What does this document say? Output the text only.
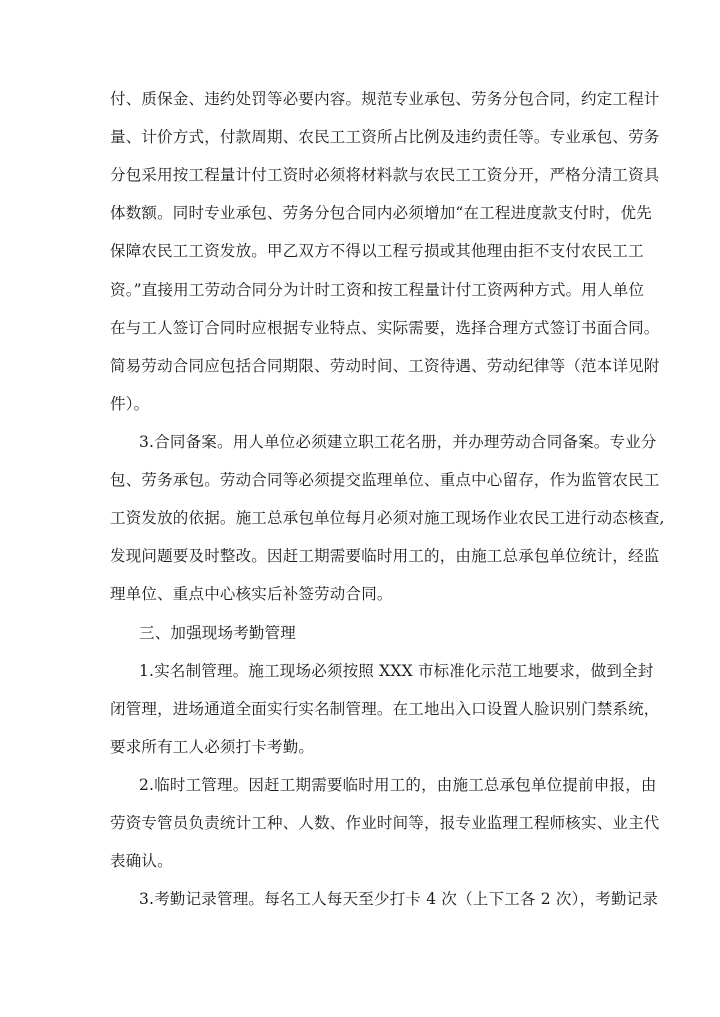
付、质保金、违约处罚等必要内容。规范专业承包、劳务分包合同，约定工程计
量、计价方式，付款周期、农民工工资所占比例及违约责任等。专业承包、劳务
分包采用按工程量计付工资时必须将材料款与农民工工资分开，严格分清工资具
体数额。同时专业承包、劳务分包合同内必须增加“在工程进度款支付时，优先
保障农民工工资发放。甲乙双方不得以工程亏损或其他理由拒不支付农民工工
资。”直接用工劳动合同分为计时工资和按工程量计付工资两种方式。用人单位
在与工人签订合同时应根据专业特点、实际需要，选择合理方式签订书面合同。
简易劳动合同应包括合同期限、劳动时间、工资待遇、劳动纪律等（范本详见附
件）。
3.合同备案。用人单位必须建立职工花名册，并办理劳动合同备案。专业分
包、劳务承包。劳动合同等必须提交监理单位、重点中心留存，作为监管农民工
工资发放的依据。施工总承包单位每月必须对施工现场作业农民工进行动态核查,
发现问题要及时整改。因赶工期需要临时用工的，由施工总承包单位统计，经监
理单位、重点中心核实后补签劳动合同。
三、加强现场考勤管理
1.实名制管理。施工现场必须按照 XXX 市标准化示范工地要求，做到全封
闭管理，进场通道全面实行实名制管理。在工地出入口设置人脸识别门禁系统，
要求所有工人必须打卡考勤。
2.临时工管理。因赶工期需要临时用工的，由施工总承包单位提前申报，由
劳资专管员负责统计工种、人数、作业时间等，报专业监理工程师核实、业主代
表确认。
3.考勤记录管理。每名工人每天至少打卡 4 次（上下工各 2 次），考勤记录
